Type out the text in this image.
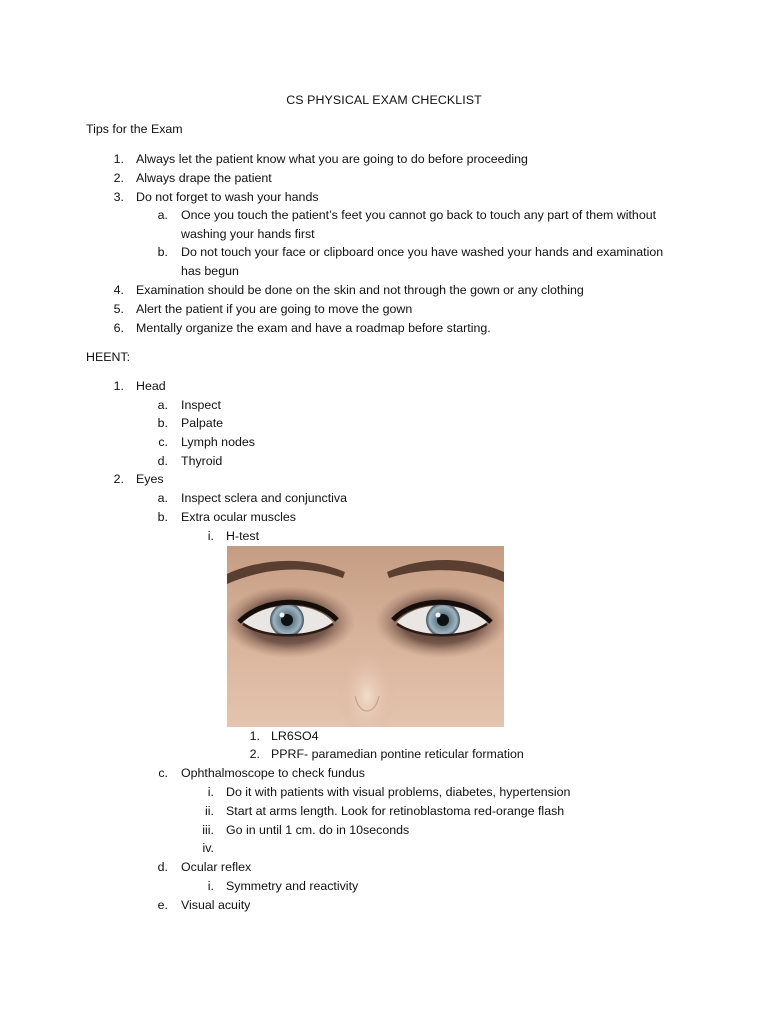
CS PHYSICAL EXAM CHECKLIST
Tips for the Exam
1. Always let the patient know what you are going to do before proceeding
2. Always drape the patient
3. Do not forget to wash your hands
a. Once you touch the patient’s feet you cannot go back to touch any part of them without
washing your hands first
b. Do not touch your face or clipboard once you have washed your hands and examination
has begun
4. Examination should be done on the skin and not through the gown or any clothing
5. Alert the patient if you are going to move the gown
6. Mentally organize the exam and have a roadmap before starting.
HEENT:
1. Head
a. Inspect
b. Palpate
c. Lymph nodes
d. Thyroid
2. Eyes
a. Inspect sclera and conjunctiva
b. Extra ocular muscles
i. H-test
1. LR6SO4
2. PPRF- paramedian pontine reticular formation
c. Ophthalmoscope to check fundus
i. Do it with patients with visual problems, diabetes, hypertension
ii. Start at arms length. Look for retinoblastoma red-orange flash
iii. Go in until 1 cm. do in 10seconds
iv.
d. Ocular reflex
i. Symmetry and reactivity
e. Visual acuity
